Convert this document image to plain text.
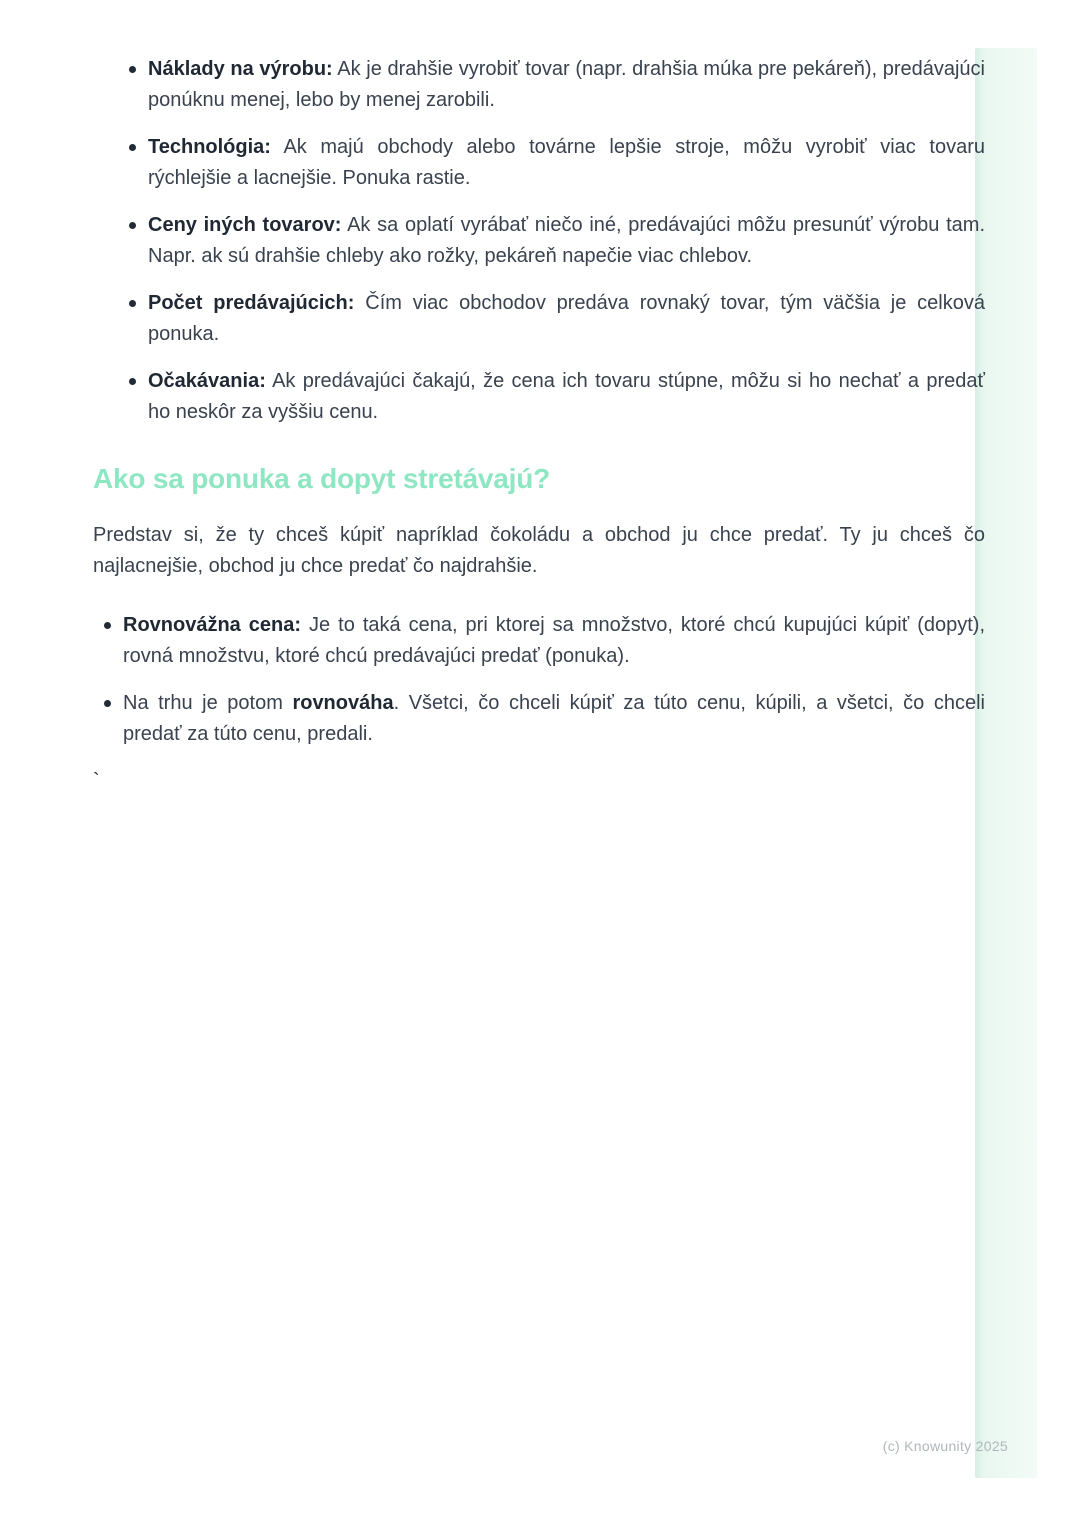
Náklady na výrobu: Ak je drahšie vyrobiť tovar (napr. drahšia múka pre pekáreň), predávajúci ponúknu menej, lebo by menej zarobili.
Technológia: Ak majú obchody alebo továrne lepšie stroje, môžu vyrobiť viac tovaru rýchlejšie a lacnejšie. Ponuka rastie.
Ceny iných tovarov: Ak sa oplatí vyrábať niečo iné, predávajúci môžu presunúť výrobu tam. Napr. ak sú drahšie chleby ako rožky, pekáreň napečie viac chlebov.
Počet predávajúcich: Čím viac obchodov predáva rovnaký tovar, tým väčšia je celková ponuka.
Očakávania: Ak predávajúci čakajú, že cena ich tovaru stúpne, môžu si ho nechať a predať ho neskôr za vyššiu cenu.
Ako sa ponuka a dopyt stretávajú?

Predstav si, že ty chceš kúpiť napríklad čokoládu a obchod ju chce predať. Ty ju chceš čo najlacnejšie, obchod ju chce predať čo najdrahšie.

Rovnovážna cena: Je to taká cena, pri ktorej sa množstvo, ktoré chcú kupujúci kúpiť (dopyt), rovná množstvu, ktoré chcú predávajúci predať (ponuka).
Na trhu je potom rovnováha. Všetci, čo chceli kúpiť za túto cenu, kúpili, a všetci, čo chceli predať za túto cenu, predali.
`
(c) Knowunity 2025
